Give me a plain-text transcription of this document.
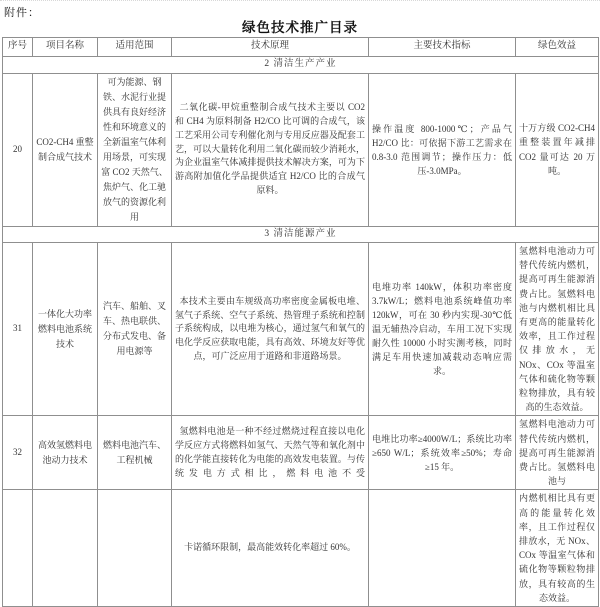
附件：
绿色技术推广目录
序号	项目名称	适用范围	技术原理	主要技术指标	绿色效益
2 清洁生产产业					
20	CO2-CH4 重整制合成气技术	可为能源、钢铁、水泥行业提供具有良好经济性和环境意义的全新温室气体利用场景，可实现富 CO2 天然气、焦炉气、化工驰放气的资源化利用	二氧化碳-甲烷重整制合成气技术主要以 CO2 和 CH4 为原料制备 H2/CO 比可调的合成气，该工艺采用公司专利催化剂与专用反应器及配套工艺，可以大量转化利用二氧化碳而较少消耗水，为企业温室气体减排提供技术解决方案，可为下游高附加值化学品提供适宜 H2/CO 比的合成气原料。	操作温度 800-1000℃；产品气 H2/CO 比：可依据下游工艺需求在 0.8-3.0 范围调节；操作压力：低压-3.0MPa。	十万方级 CO2-CH4 重整装置年减排 CO2 量可达 20 万吨。
3 清洁能源产业					
31	一体化大功率燃料电池系统技术	汽车、船舶、叉车、热电联供、分布式发电、备用电源等	本技术主要由车规级高功率密度金属板电堆、氢气子系统、空气子系统、热管理子系统和控制子系统构成，以电堆为核心，通过氢气和氧气的电化学反应获取电能，具有高效、环境友好等优点，可广泛应用于道路和非道路场景。	电堆功率 140kW，体积功率密度 3.7kW/L；燃料电池系统峰值功率 120kW，可在 30 秒内实现-30℃低温无辅热冷启动，车用工况下实现耐久性 10000 小时实测考核，同时满足车用快速加减载动态响应需求。	氢燃料电池动力可替代传统内燃机，提高可再生能源消费占比。氢燃料电池与内燃机相比具有更高的能量转化效率，且工作过程仅排放水，无 NOx、COx 等温室气体和硫化物等颗粒物排放，具有较高的生态效益。
32	高效氢燃料电池动力技术	燃料电池汽车、工程机械	氢燃料电池是一种不经过燃烧过程直接以电化学反应方式将燃料如氢气、天然气等和氧化剂中的化学能直接转化为电能的高效发电装置。与传统发电方式相比，燃料电池不受	电堆比功率≥4000W/L；系统比功率≥650 W/L；系统效率≥50%；寿命≥15 年。	氢燃料电池动力可替代传统内燃机，提高可再生能源消费占比。氢燃料电池与
			卡诺循环限制，最高能效转化率超过 60%。		内燃机相比具有更高的能量转化效率，且工作过程仅排放水，无 NOx、COx 等温室气体和硫化物等颗粒物排放，具有较高的生态效益。
